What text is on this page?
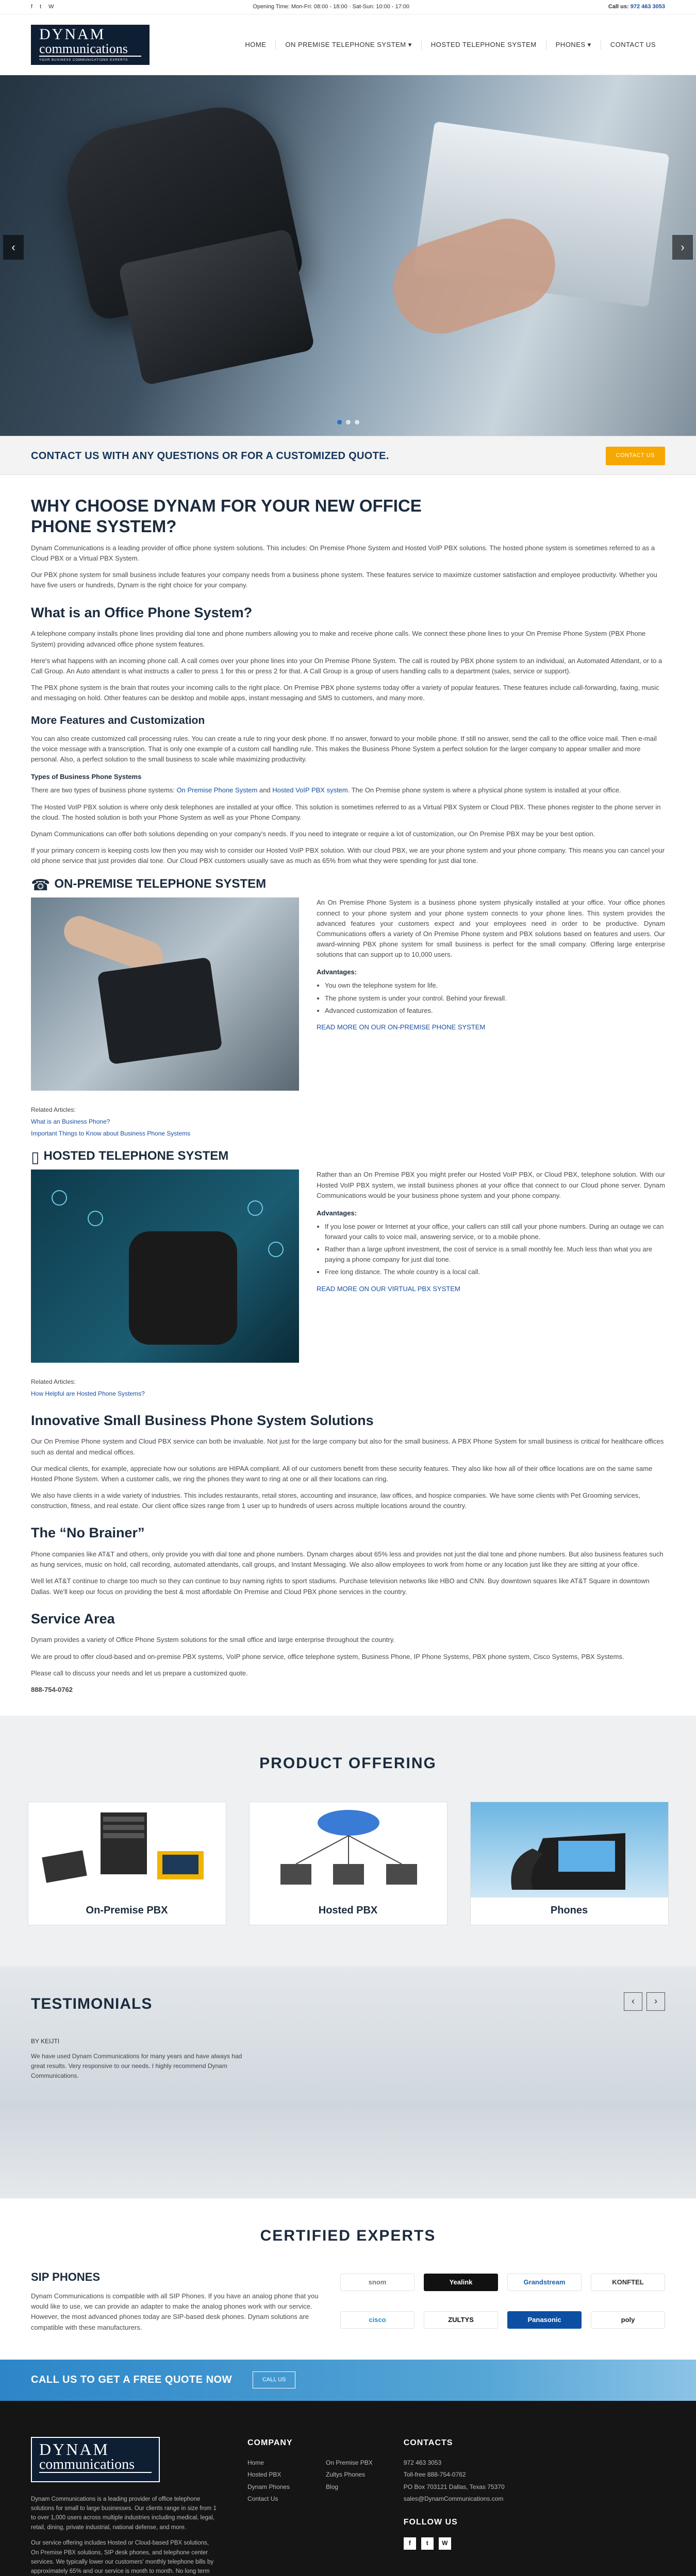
f t W	Opening Time: Mon-Fri: 08:00 - 18:00 · Sat-Sun: 10:00 - 17:00	Call us: 972 463 3053
DYNAM
communications
YOUR BUSINESS COMMUNICATIONS EXPERTS
HOME	ON PREMISE TELEPHONE SYSTEM ▾	HOSTED TELEPHONE SYSTEM	PHONES ▾	CONTACT US
‹	›
CONTACT US WITH ANY QUESTIONS OR FOR A CUSTOMIZED QUOTE.	CONTACT US
WHY CHOOSE DYNAM FOR YOUR NEW OFFICE PHONE SYSTEM?

Dynam Communications is a leading provider of office phone system solutions. This includes: On Premise Phone System and Hosted VoIP PBX solutions. The hosted phone system is sometimes referred to as a Cloud PBX or a Virtual PBX System.

Our PBX phone system for small business include features your company needs from a business phone system. These features service to maximize customer satisfaction and employee productivity. Whether you have five users or hundreds, Dynam is the right choice for your company.

What is an Office Phone System?

A telephone company installs phone lines providing dial tone and phone numbers allowing you to make and receive phone calls. We connect these phone lines to your On Premise Phone System (PBX Phone System) providing advanced office phone system features.

Here's what happens with an incoming phone call. A call comes over your phone lines into your On Premise Phone System. The call is routed by PBX phone system to an individual, an Automated Attendant, or to a Call Group. An Auto attendant is what instructs a caller to press 1 for this or press 2 for that. A Call Group is a group of users handling calls to a department (sales, service or support).

The PBX phone system is the brain that routes your incoming calls to the right place. On Premise PBX phone systems today offer a variety of popular features. These features include call-forwarding, faxing, music and messaging on hold. Other features can be desktop and mobile apps, instant messaging and SMS to customers, and many more.

More Features and Customization

You can also create customized call processing rules. You can create a rule to ring your desk phone. If no answer, forward to your mobile phone. If still no answer, send the call to the office voice mail. Then e-mail the voice message with a transcription. That is only one example of a custom call handling rule. This makes the Business Phone System a perfect solution for the larger company to appear smaller and more personal. Also, a perfect solution to the small business to scale while maximizing productivity.

Types of Business Phone Systems

There are two types of business phone systems: On Premise Phone System and Hosted VoIP PBX system. The On Premise phone system is where a physical phone system is installed at your office.

The Hosted VoIP PBX solution is where only desk telephones are installed at your office. This solution is sometimes referred to as a Virtual PBX System or Cloud PBX. These phones register to the phone server in the cloud. The hosted solution is both your Phone System as well as your Phone Company.

Dynam Communications can offer both solutions depending on your company's needs. If you need to integrate or require a lot of customization, our On Premise PBX may be your best option.

If your primary concern is keeping costs low then you may wish to consider our Hosted VoIP PBX solution. With our cloud PBX, we are your phone system and your phone company. This means you can cancel your old phone service that just provides dial tone. Our Cloud PBX customers usually save as much as 65% from what they were spending for just dial tone.

☎ ON-PREMISE TELEPHONE SYSTEM

An On Premise Phone System is a business phone system physically installed at your office. Your office phones connect to your phone system and your phone system connects to your phone lines. This system provides the advanced features your customers expect and your employees need in order to be productive. Dynam Communications offers a variety of On Premise Phone system and PBX solutions based on features and users. Our award-winning PBX phone system for small business is perfect for the small company. Offering large enterprise solutions that can support up to 10,000 users.

Advantages:
• You own the telephone system for life.
• The phone system is under your control. Behind your firewall.
• Advanced customization of features.
READ MORE ON OUR ON-PREMISE PHONE SYSTEM
Related Articles:
What is an Business Phone?
Important Things to Know about Business Phone Systems
▯ HOSTED TELEPHONE SYSTEM

Rather than an On Premise PBX you might prefer our Hosted VoIP PBX, or Cloud PBX, telephone solution. With our Hosted VoIP PBX system, we install business phones at your office that connect to our Cloud phone server. Dynam Communications would be your business phone system and your phone company.

Advantages:
• If you lose power or Internet at your office, your callers can still call your phone numbers. During an outage we can forward your calls to voice mail, answering service, or to a mobile phone.
• Rather than a large upfront investment, the cost of service is a small monthly fee. Much less than what you are paying a phone company for just dial tone.
• Free long distance. The whole country is a local call.
READ MORE ON OUR VIRTUAL PBX SYSTEM
Related Articles:
How Helpful are Hosted Phone Systems?
Innovative Small Business Phone System Solutions

Our On Premise Phone system and Cloud PBX service can both be invaluable. Not just for the large company but also for the small business. A PBX Phone System for small business is critical for healthcare offices such as dental and medical offices.

Our medical clients, for example, appreciate how our solutions are HIPAA compliant. All of our customers benefit from these security features. They also like how all of their office locations are on the same same Hosted Phone System. When a customer calls, we ring the phones they want to ring at one or all their locations can ring.

We also have clients in a wide variety of industries. This includes restaurants, retail stores, accounting and insurance, law offices, and hospice companies. We have some clients with Pet Grooming services, construction, fitness, and real estate. Our client office sizes range from 1 user up to hundreds of users across multiple locations around the country.

The “No Brainer”

Phone companies like AT&T and others, only provide you with dial tone and phone numbers. Dynam charges about 65% less and provides not just the dial tone and phone numbers. But also business features such as hung services, music on hold, call recording, automated attendants, call groups, and Instant Messaging. We also allow employees to work from home or any location just like they are sitting at your office.

Well let AT&T continue to charge too much so they can continue to buy naming rights to sport stadiums. Purchase television networks like HBO and CNN. Buy downtown squares like AT&T Square in downtown Dallas. We'll keep our focus on providing the best & most affordable On Premise and Cloud PBX phone services in the country.

Service Area

Dynam provides a variety of Office Phone System solutions for the small office and large enterprise throughout the country.

We are proud to offer cloud-based and on-premise PBX systems, VoIP phone service, office telephone system, Business Phone, IP Phone Systems, PBX phone system, Cisco Systems, PBX Systems.

Please call to discuss your needs and let us prepare a customized quote.

888-754-0762
PRODUCT OFFERING
On-Premise PBX	Hosted PBX	Phones
TESTIMONIALS	‹	›
BY KEIJTI
We have used Dynam Communications for many years and have always had great results. Very responsive to our needs. I highly recommend Dynam Communications.
CERTIFIED EXPERTS
SIP PHONES

Dynam Communications is compatible with all SIP Phones. If you have an analog phone that you would like to use, we can provide an adapter to make the analog phones work with our service. However, the most advanced phones today are SIP-based desk phones. Dynam solutions are compatible with these manufacturers.

snom	Yealink	Grandstream	KONFTEL
cisco	ZULTYS	Panasonic	poly
CALL US TO GET A FREE QUOTE NOW	CALL US
DYNAM
communications

Dynam Communications is a leading provider of office telephone solutions for small to large businesses. Our clients range in size from 1 to over 1,000 users across multiple industries including medical, legal, retail, dining, private industrial, national defense, and more.

Our service offering includes Hosted or Cloud-based PBX solutions, On Premise PBX solutions, SIP desk phones, and telephone center services. We typically lower our customers' monthly telephone bills by approximately 65% and our service is month to month. No long term

COMPANY
Home
Hosted PBX
Dynam Phones
Contact Us
On Premise PBX
Zultys Phones
Blog
CONTACTS
972 463 3053
Toll-free 888-754-0762
PO Box 703121 Dallas, Texas 75370
sales@DynamCommunications.com
FOLLOW US
f	t	W
